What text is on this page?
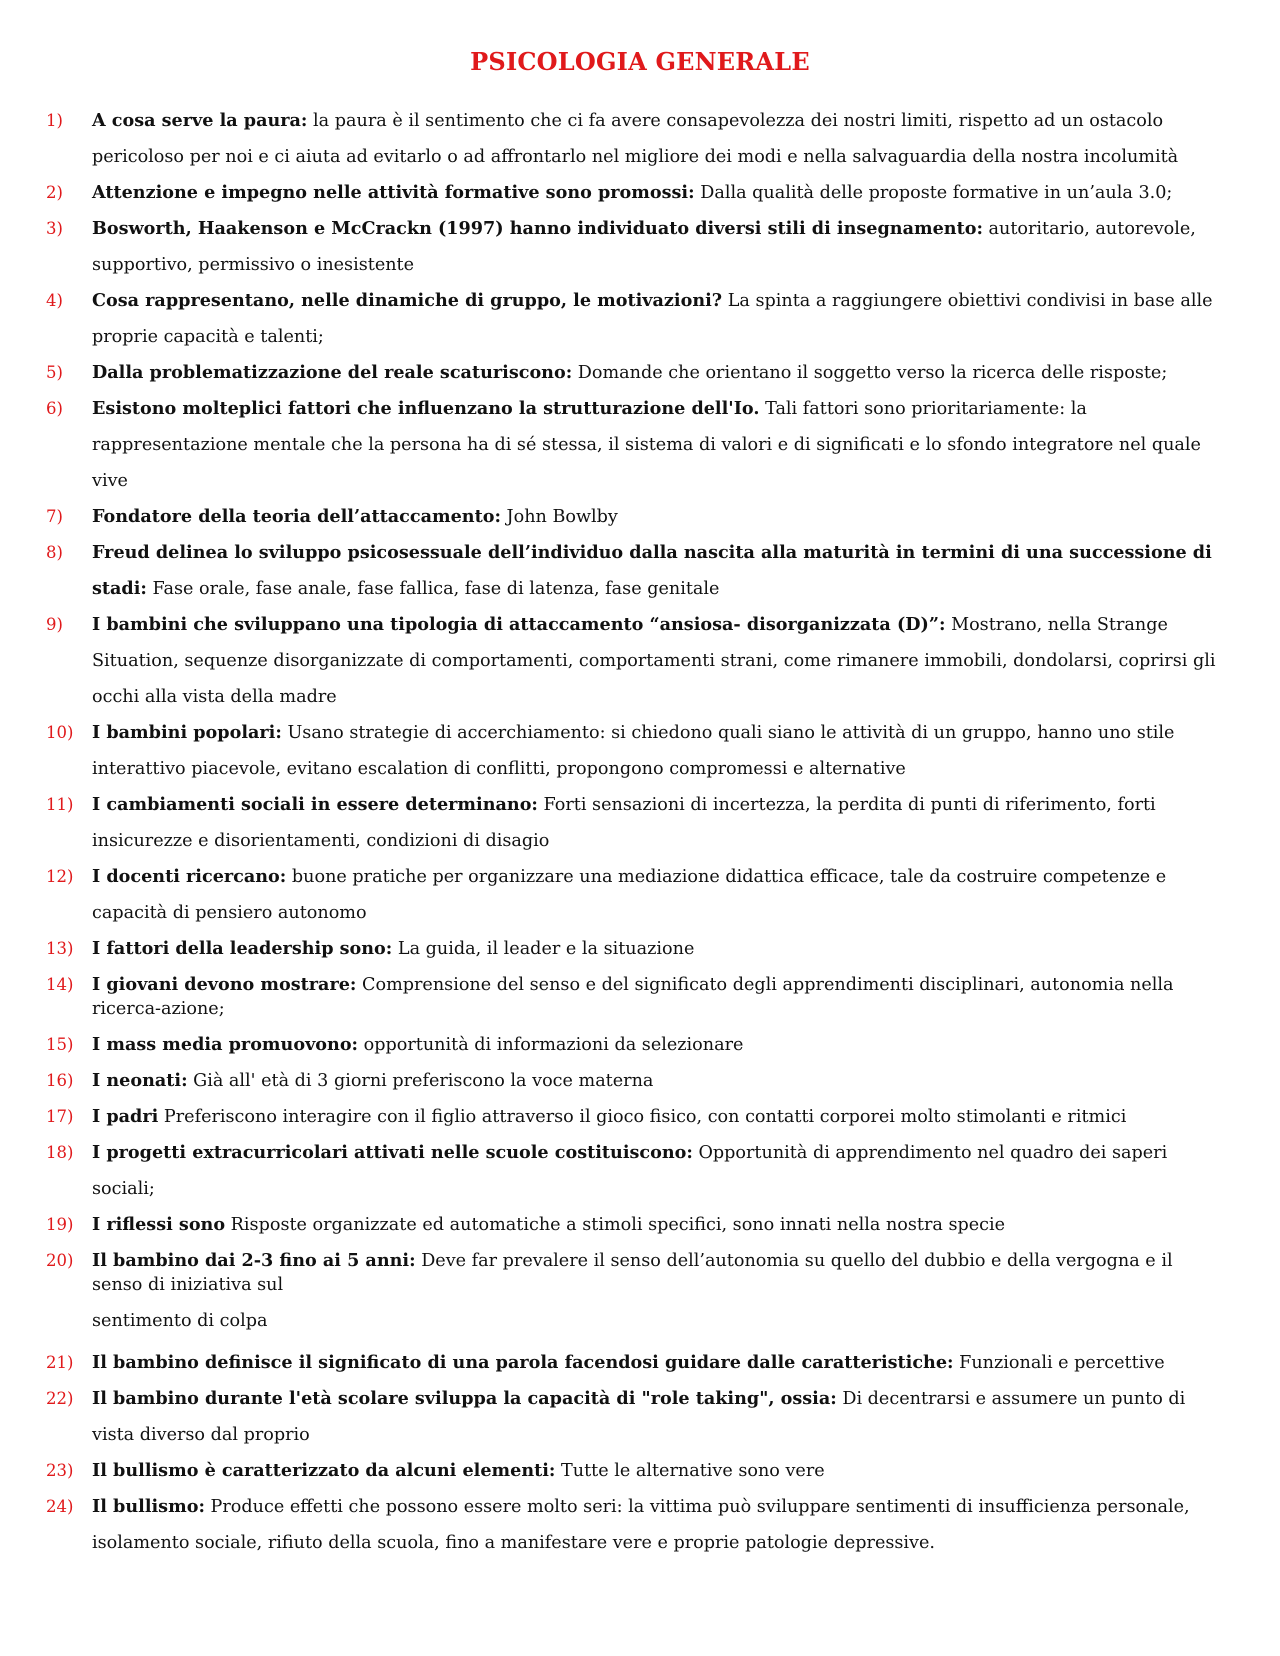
PSICOLOGIA GENERALE
1)	A cosa serve la paura: la paura è il sentimento che ci fa avere consapevolezza dei nostri limiti, rispetto ad un ostacolo pericoloso per noi e ci aiuta ad evitarlo o ad affrontarlo nel migliore dei modi e nella salvaguardia della nostra incolumità
2)	Attenzione e impegno nelle attività formative sono promossi: Dalla qualità delle proposte formative in un’aula 3.0;
3)	Bosworth, Haakenson e McCrackn (1997) hanno individuato diversi stili di insegnamento: autoritario, autorevole, supportivo, permissivo o inesistente
4)	Cosa rappresentano, nelle dinamiche di gruppo, le motivazioni? La spinta a raggiungere obiettivi condivisi in base alle proprie capacità e talenti;
5)	Dalla problematizzazione del reale scaturiscono: Domande che orientano il soggetto verso la ricerca delle risposte;
6)	Esistono molteplici fattori che influenzano la strutturazione dell'Io. Tali fattori sono prioritariamente: la rappresentazione mentale che la persona ha di sé stessa, il sistema di valori e di significati e lo sfondo integratore nel quale vive
7)	Fondatore della teoria dell’attaccamento: John Bowlby
8)	Freud delinea lo sviluppo psicosessuale dell’individuo dalla nascita alla maturità in termini di una successione di stadi: Fase orale, fase anale, fase fallica, fase di latenza, fase genitale
9)	I bambini che sviluppano una tipologia di attaccamento “ansiosa- disorganizzata (D)”: Mostrano, nella Strange Situation, sequenze disorganizzate di comportamenti, comportamenti strani, come rimanere immobili, dondolarsi, coprirsi gli occhi alla vista della madre
10)	I bambini popolari: Usano strategie di accerchiamento: si chiedono quali siano le attività di un gruppo, hanno uno stile interattivo piacevole, evitano escalation di conflitti, propongono compromessi e alternative
11)	I cambiamenti sociali in essere determinano: Forti sensazioni di incertezza, la perdita di punti di riferimento, forti insicurezze e disorientamenti, condizioni di disagio
12)	I docenti ricercano: buone pratiche per organizzare una mediazione didattica efficace, tale da costruire competenze e capacità di pensiero autonomo
13)	I fattori della leadership sono: La guida, il leader e la situazione
14)	I giovani devono mostrare: Comprensione del senso e del significato degli apprendimenti disciplinari, autonomia nella ricerca-azione;
15)	I mass media promuovono: opportunità di informazioni da selezionare
16)	I neonati: Già all' età di 3 giorni preferiscono la voce materna
17)	I padri Preferiscono interagire con il figlio attraverso il gioco fisico, con contatti corporei molto stimolanti e ritmici
18)	I progetti extracurricolari attivati nelle scuole costituiscono: Opportunità di apprendimento nel quadro dei saperi sociali;
19)	I riflessi sono Risposte organizzate ed automatiche a stimoli specifici, sono innati nella nostra specie
20)	Il bambino dai 2-3 fino ai 5 anni: Deve far prevalere il senso dell’autonomia su quello del dubbio e della vergogna e il senso di iniziativa sul
sentimento di colpa
21)	Il bambino definisce il significato di una parola facendosi guidare dalle caratteristiche: Funzionali e percettive
22)	Il bambino durante l'età scolare sviluppa la capacità di "role taking", ossia: Di decentrarsi e assumere un punto di vista diverso dal proprio
23)	Il bullismo è caratterizzato da alcuni elementi: Tutte le alternative sono vere
24)	Il bullismo: Produce effetti che possono essere molto seri: la vittima può sviluppare sentimenti di insufficienza personale, isolamento sociale, rifiuto della scuola, fino a manifestare vere e proprie patologie depressive.
